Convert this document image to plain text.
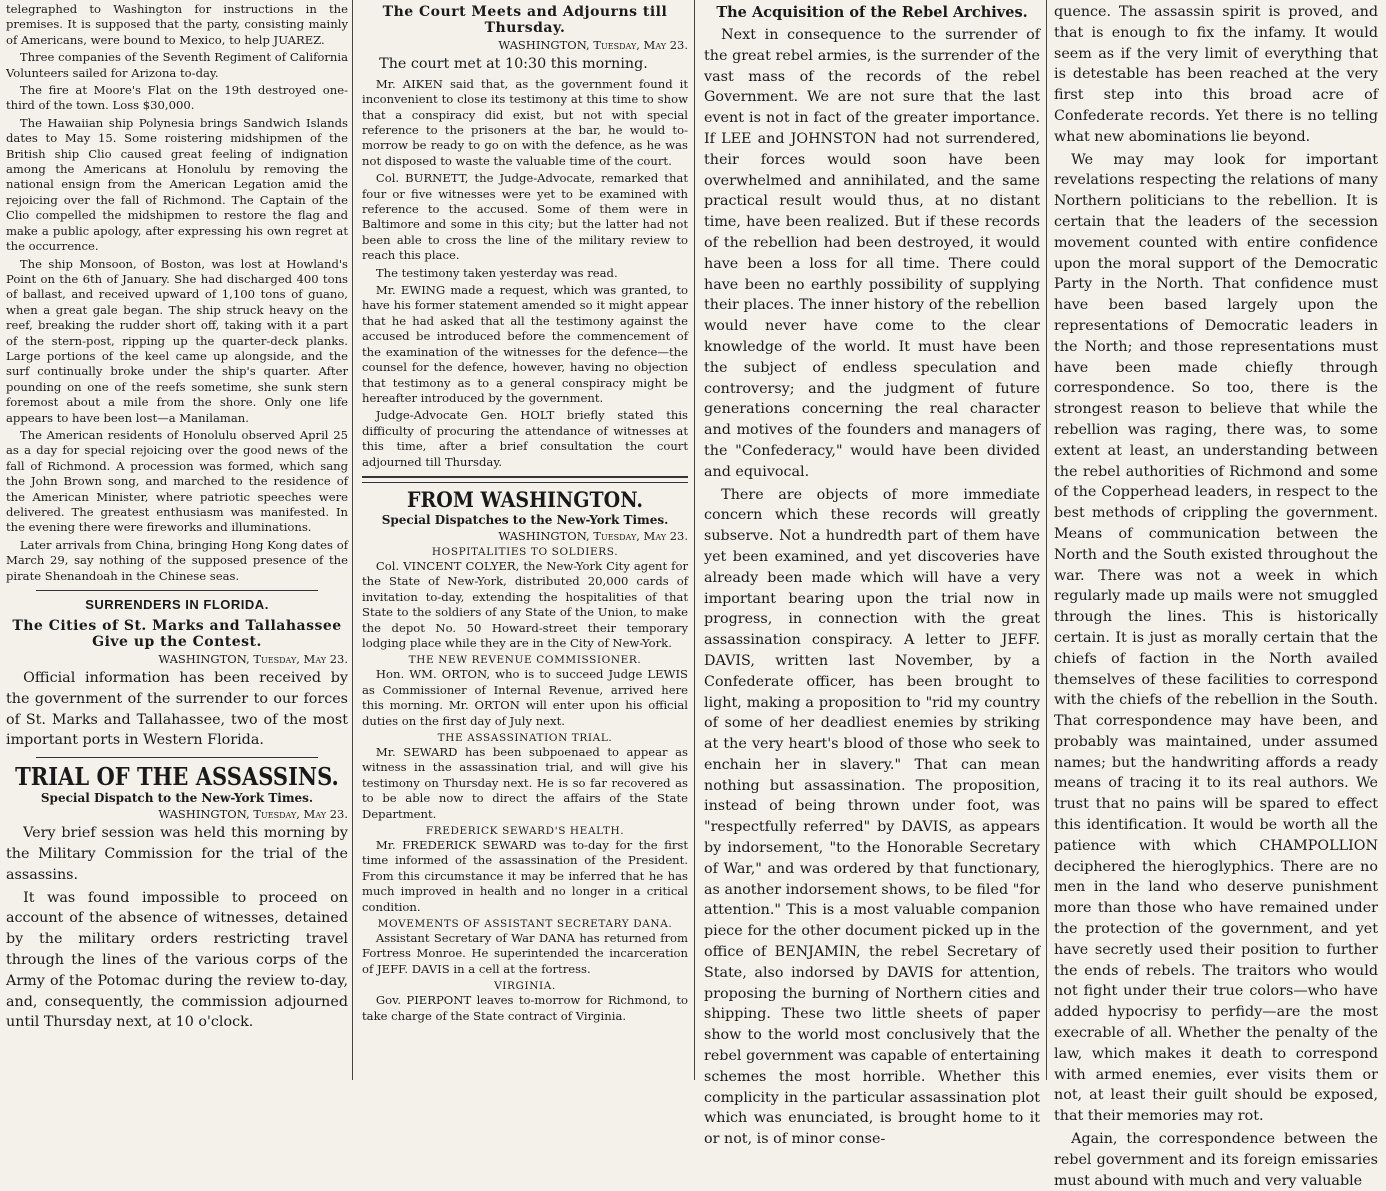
telegraphed to Washington for instructions in the premises. It is supposed that the party, consisting mainly of Americans, were bound to Mexico, to help JUAREZ.

Three companies of the Seventh Regiment of California Volunteers sailed for Arizona to-day.

The fire at Moore's Flat on the 19th destroyed one-third of the town. Loss $30,000.

The Hawaiian ship Polynesia brings Sandwich Islands dates to May 15. Some roistering midshipmen of the British ship Clio caused great feeling of indignation among the Americans at Honolulu by removing the national ensign from the American Legation amid the rejoicing over the fall of Richmond. The Captain of the Clio compelled the midshipmen to restore the flag and make a public apology, after expressing his own regret at the occurrence.

The ship Monsoon, of Boston, was lost at Howland's Point on the 6th of January. She had discharged 400 tons of ballast, and received upward of 1,100 tons of guano, when a great gale began. The ship struck heavy on the reef, breaking the rudder short off, taking with it a part of the stern-post, ripping up the quarter-deck planks. Large portions of the keel came up alongside, and the surf continually broke under the ship's quarter. After pounding on one of the reefs sometime, she sunk stern foremost about a mile from the shore. Only one life appears to have been lost—a Manilaman.

The American residents of Honolulu observed April 25 as a day for special rejoicing over the good news of the fall of Richmond. A procession was formed, which sang the John Brown song, and marched to the residence of the American Minister, where patriotic speeches were delivered. The greatest enthusiasm was manifested. In the evening there were fireworks and illuminations.

Later arrivals from China, bringing Hong Kong dates of March 29, say nothing of the supposed presence of the pirate Shenandoah in the Chinese seas.

SURRENDERS IN FLORIDA.
The Cities of St. Marks and Tallahassee Give up the Contest.
WASHINGTON, Tuesday, May 23.

Official information has been received by the government of the surrender to our forces of St. Marks and Tallahassee, two of the most important ports in Western Florida.

TRIAL OF THE ASSASSINS.
Special Dispatch to the New-York Times.
WASHINGTON, Tuesday, May 23.

Very brief session was held this morning by the Military Commission for the trial of the assassins.

It was found impossible to proceed on account of the absence of witnesses, detained by the military orders restricting travel through the lines of the various corps of the Army of the Potomac during the review to-day, and, consequently, the commission adjourned until Thursday next, at 10 o'clock.

The Court Meets and Adjourns till Thursday.
WASHINGTON, Tuesday, May 23.

The court met at 10:30 this morning.

Mr. AIKEN said that, as the government found it inconvenient to close its testimony at this time to show that a conspiracy did exist, but not with special reference to the prisoners at the bar, he would to-morrow be ready to go on with the defence, as he was not disposed to waste the valuable time of the court.

Col. BURNETT, the Judge-Advocate, remarked that four or five witnesses were yet to be examined with reference to the accused. Some of them were in Baltimore and some in this city; but the latter had not been able to cross the line of the military review to reach this place.

The testimony taken yesterday was read.

Mr. EWING made a request, which was granted, to have his former statement amended so it might appear that he had asked that all the testimony against the accused be introduced before the commencement of the examination of the witnesses for the defence—the counsel for the defence, however, having no objection that testimony as to a general conspiracy might be hereafter introduced by the government.

Judge-Advocate Gen. HOLT briefly stated this difficulty of procuring the attendance of witnesses at this time, after a brief consultation the court adjourned till Thursday.

FROM WASHINGTON.
Special Dispatches to the New-York Times.
WASHINGTON, Tuesday, May 23.
HOSPITALITIES TO SOLDIERS.

Col. VINCENT COLYER, the New-York City agent for the State of New-York, distributed 20,000 cards of invitation to-day, extending the hospitalities of that State to the soldiers of any State of the Union, to make the depot No. 50 Howard-street their temporary lodging place while they are in the City of New-York.

THE NEW REVENUE COMMISSIONER.

Hon. WM. ORTON, who is to succeed Judge LEWIS as Commissioner of Internal Revenue, arrived here this morning. Mr. ORTON will enter upon his official duties on the first day of July next.

THE ASSASSINATION TRIAL.

Mr. SEWARD has been subpoenaed to appear as witness in the assassination trial, and will give his testimony on Thursday next. He is so far recovered as to be able now to direct the affairs of the State Department.

FREDERICK SEWARD'S HEALTH.

Mr. FREDERICK SEWARD was to-day for the first time informed of the assassination of the President. From this circumstance it may be inferred that he has much improved in health and no longer in a critical condition.

MOVEMENTS OF ASSISTANT SECRETARY DANA.

Assistant Secretary of War DANA has returned from Fortress Monroe. He superintended the incarceration of JEFF. DAVIS in a cell at the fortress.

VIRGINIA.

Gov. PIERPONT leaves to-morrow for Richmond, to take charge of the State contract of Virginia.

The Acquisition of the Rebel Archives.

Next in consequence to the surrender of the great rebel armies, is the surrender of the vast mass of the records of the rebel Government. We are not sure that the last event is not in fact of the greater importance. If LEE and JOHNSTON had not surrendered, their forces would soon have been overwhelmed and annihilated, and the same practical result would thus, at no distant time, have been realized. But if these records of the rebellion had been destroyed, it would have been a loss for all time. There could have been no earthly possibility of supplying their places. The inner history of the rebellion would never have come to the clear knowledge of the world. It must have been the subject of endless speculation and controversy; and the judgment of future generations concerning the real character and motives of the founders and managers of the "Confederacy," would have been divided and equivocal.

There are objects of more immediate concern which these records will greatly subserve. Not a hundredth part of them have yet been examined, and yet discoveries have already been made which will have a very important bearing upon the trial now in progress, in connection with the great assassination conspiracy. A letter to JEFF. DAVIS, written last November, by a Confederate officer, has been brought to light, making a proposition to "rid my country of some of her deadliest enemies by striking at the very heart's blood of those who seek to enchain her in slavery." That can mean nothing but assassination. The proposition, instead of being thrown under foot, was "respectfully referred" by DAVIS, as appears by indorsement, "to the Honorable Secretary of War," and was ordered by that functionary, as another indorsement shows, to be filed "for attention." This is a most valuable companion piece for the other document picked up in the office of BENJAMIN, the rebel Secretary of State, also indorsed by DAVIS for attention, proposing the burning of Northern cities and shipping. These two little sheets of paper show to the world most conclusively that the rebel government was capable of entertaining schemes the most horrible. Whether this complicity in the particular assassination plot which was enunciated, is brought home to it or not, is of minor conse-

quence. The assassin spirit is proved, and that is enough to fix the infamy. It would seem as if the very limit of everything that is detestable has been reached at the very first step into this broad acre of Confederate records. Yet there is no telling what new abominations lie beyond.

We may may look for important revelations respecting the relations of many Northern politicians to the rebellion. It is certain that the leaders of the secession movement counted with entire confidence upon the moral support of the Democratic Party in the North. That confidence must have been based largely upon the representations of Democratic leaders in the North; and those representations must have been made chiefly through correspondence. So too, there is the strongest reason to believe that while the rebellion was raging, there was, to some extent at least, an understanding between the rebel authorities of Richmond and some of the Copperhead leaders, in respect to the best methods of crippling the government. Means of communication between the North and the South existed throughout the war. There was not a week in which regularly made up mails were not smuggled through the lines. This is historically certain. It is just as morally certain that the chiefs of faction in the North availed themselves of these facilities to correspond with the chiefs of the rebellion in the South. That correspondence may have been, and probably was maintained, under assumed names; but the handwriting affords a ready means of tracing it to its real authors. We trust that no pains will be spared to effect this identification. It would be worth all the patience with which CHAMPOLLION deciphered the hieroglyphics. There are no men in the land who deserve punishment more than those who have remained under the protection of the government, and yet have secretly used their position to further the ends of rebels. The traitors who would not fight under their true colors—who have added hypocrisy to perfidy—are the most execrable of all. Whether the penalty of the law, which makes it death to correspond with armed enemies, ever visits them or not, at least their guilt should be exposed, that their memories may rot.

Again, the correspondence between the rebel government and its foreign emissaries must abound with much and very valuable
